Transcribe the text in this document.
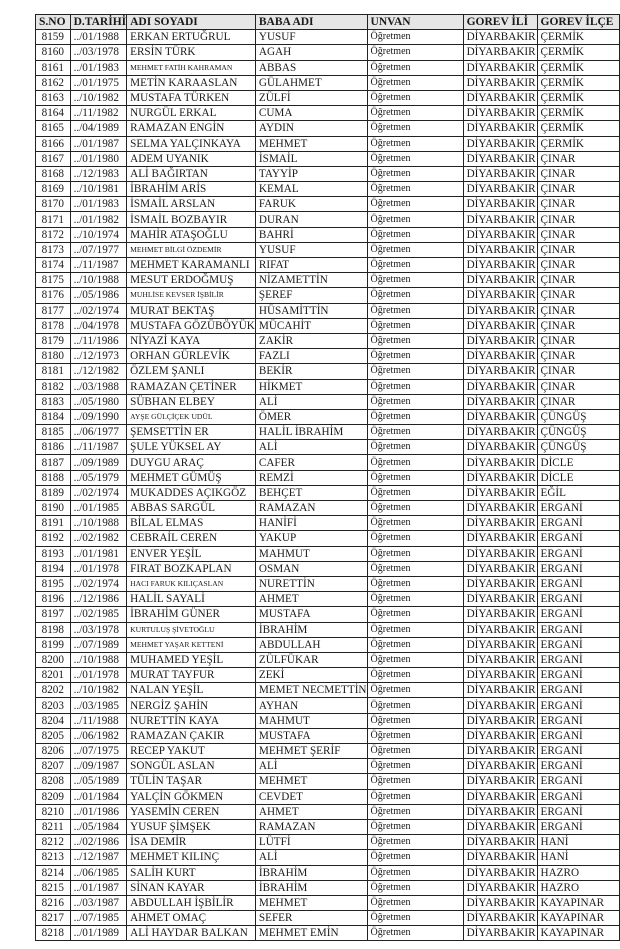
S.NO	D.TARİHİ	ADI SOYADI	BABA ADI	UNVAN	GOREV İLİ	GOREV İLÇE
8159	../01/1988	ERKAN ERTUĞRUL	YUSUF	Öğretmen	DİYARBAKIR	ÇERMİK
8160	../03/1978	ERSİN TÜRK	AGAH	Öğretmen	DİYARBAKIR	ÇERMİK
8161	../01/1983	MEHMET FATİH KAHRAMAN	ABBAS	Öğretmen	DİYARBAKIR	ÇERMİK
8162	../01/1975	METİN KARAASLAN	GÜLAHMET	Öğretmen	DİYARBAKIR	ÇERMİK
8163	../10/1982	MUSTAFA TÜRKEN	ZÜLFİ	Öğretmen	DİYARBAKIR	ÇERMİK
8164	../11/1982	NURGÜL ERKAL	CUMA	Öğretmen	DİYARBAKIR	ÇERMİK
8165	../04/1989	RAMAZAN ENGİN	AYDIN	Öğretmen	DİYARBAKIR	ÇERMİK
8166	../01/1987	SELMA YALÇINKAYA	MEHMET	Öğretmen	DİYARBAKIR	ÇERMİK
8167	../01/1980	ADEM UYANIK	İSMAİL	Öğretmen	DİYARBAKIR	ÇINAR
8168	../12/1983	ALİ BAĞIRTAN	TAYYİP	Öğretmen	DİYARBAKIR	ÇINAR
8169	../10/1981	İBRAHİM ARİS	KEMAL	Öğretmen	DİYARBAKIR	ÇINAR
8170	../01/1983	İSMAİL ARSLAN	FARUK	Öğretmen	DİYARBAKIR	ÇINAR
8171	../01/1982	İSMAİL BOZBAYIR	DURAN	Öğretmen	DİYARBAKIR	ÇINAR
8172	../10/1974	MAHİR ATAŞOĞLU	BAHRİ	Öğretmen	DİYARBAKIR	ÇINAR
8173	../07/1977	MEHMET BİLGİ ÖZDEMİR	YUSUF	Öğretmen	DİYARBAKIR	ÇINAR
8174	../11/1987	MEHMET KARAMANLI	RIFAT	Öğretmen	DİYARBAKIR	ÇINAR
8175	../10/1988	MESUT ERDOĞMUŞ	NİZAMETTİN	Öğretmen	DİYARBAKIR	ÇINAR
8176	../05/1986	MUHLİSE KEVSER İŞBİLİR	ŞEREF	Öğretmen	DİYARBAKIR	ÇINAR
8177	../02/1974	MURAT BEKTAŞ	HÜSAMİTTİN	Öğretmen	DİYARBAKIR	ÇINAR
8178	../04/1978	MUSTAFA GÖZÜBÖYÜK	MÜCAHİT	Öğretmen	DİYARBAKIR	ÇINAR
8179	../11/1986	NİYAZİ KAYA	ZAKİR	Öğretmen	DİYARBAKIR	ÇINAR
8180	../12/1973	ORHAN GÜRLEVİK	FAZLI	Öğretmen	DİYARBAKIR	ÇINAR
8181	../12/1982	ÖZLEM ŞANLI	BEKİR	Öğretmen	DİYARBAKIR	ÇINAR
8182	../03/1988	RAMAZAN ÇETİNER	HİKMET	Öğretmen	DİYARBAKIR	ÇINAR
8183	../05/1980	SÜBHAN ELBEY	ALİ	Öğretmen	DİYARBAKIR	ÇINAR
8184	../09/1990	AYŞE GÜLÇİÇEK UDÜL	ÖMER	Öğretmen	DİYARBAKIR	ÇÜNGÜŞ
8185	../06/1977	ŞEMSETTİN ER	HALİL İBRAHİM	Öğretmen	DİYARBAKIR	ÇÜNGÜŞ
8186	../11/1987	ŞULE YÜKSEL AY	ALİ	Öğretmen	DİYARBAKIR	ÇÜNGÜŞ
8187	../09/1989	DUYGU ARAÇ	CAFER	Öğretmen	DİYARBAKIR	DİCLE
8188	../05/1979	MEHMET GÜMÜŞ	REMZİ	Öğretmen	DİYARBAKIR	DİCLE
8189	../02/1974	MUKADDES AÇIKGÖZ	BEHÇET	Öğretmen	DİYARBAKIR	EĞİL
8190	../01/1985	ABBAS SARGÜL	RAMAZAN	Öğretmen	DİYARBAKIR	ERGANİ
8191	../10/1988	BİLAL ELMAS	HANİFİ	Öğretmen	DİYARBAKIR	ERGANİ
8192	../02/1982	CEBRAİL CEREN	YAKUP	Öğretmen	DİYARBAKIR	ERGANİ
8193	../01/1981	ENVER YEŞİL	MAHMUT	Öğretmen	DİYARBAKIR	ERGANİ
8194	../01/1978	FIRAT BOZKAPLAN	OSMAN	Öğretmen	DİYARBAKIR	ERGANİ
8195	../02/1974	HACI FARUK KILIÇASLAN	NURETTİN	Öğretmen	DİYARBAKIR	ERGANİ
8196	../12/1986	HALİL SAYALİ	AHMET	Öğretmen	DİYARBAKIR	ERGANİ
8197	../02/1985	İBRAHİM GÜNER	MUSTAFA	Öğretmen	DİYARBAKIR	ERGANİ
8198	../03/1978	KURTULUŞ ŞİVETOĞLU	İBRAHİM	Öğretmen	DİYARBAKIR	ERGANİ
8199	../07/1989	MEHMET YAŞAR KETTENİ	ABDULLAH	Öğretmen	DİYARBAKIR	ERGANİ
8200	../10/1988	MUHAMED YEŞİL	ZÜLFÜKAR	Öğretmen	DİYARBAKIR	ERGANİ
8201	../01/1978	MURAT TAYFUR	ZEKİ	Öğretmen	DİYARBAKIR	ERGANİ
8202	../10/1982	NALAN YEŞİL	MEMET NECMETTİN	Öğretmen	DİYARBAKIR	ERGANİ
8203	../03/1985	NERGİZ ŞAHİN	AYHAN	Öğretmen	DİYARBAKIR	ERGANİ
8204	../11/1988	NURETTİN KAYA	MAHMUT	Öğretmen	DİYARBAKIR	ERGANİ
8205	../06/1982	RAMAZAN ÇAKIR	MUSTAFA	Öğretmen	DİYARBAKIR	ERGANİ
8206	../07/1975	RECEP YAKUT	MEHMET ŞERİF	Öğretmen	DİYARBAKIR	ERGANİ
8207	../09/1987	SONGÜL ASLAN	ALİ	Öğretmen	DİYARBAKIR	ERGANİ
8208	../05/1989	TÜLİN TAŞAR	MEHMET	Öğretmen	DİYARBAKIR	ERGANİ
8209	../01/1984	YALÇİN GÖKMEN	CEVDET	Öğretmen	DİYARBAKIR	ERGANİ
8210	../01/1986	YASEMİN CEREN	AHMET	Öğretmen	DİYARBAKIR	ERGANİ
8211	../05/1984	YUSUF ŞİMŞEK	RAMAZAN	Öğretmen	DİYARBAKIR	ERGANİ
8212	../02/1986	İSA DEMİR	LÜTFİ	Öğretmen	DİYARBAKIR	HANİ
8213	../12/1987	MEHMET KILINÇ	ALİ	Öğretmen	DİYARBAKIR	HANİ
8214	../06/1985	SALİH KURT	İBRAHİM	Öğretmen	DİYARBAKIR	HAZRO
8215	../01/1987	SİNAN KAYAR	İBRAHİM	Öğretmen	DİYARBAKIR	HAZRO
8216	../03/1987	ABDULLAH İŞBİLİR	MEHMET	Öğretmen	DİYARBAKIR	KAYAPINAR
8217	../07/1985	AHMET OMAÇ	SEFER	Öğretmen	DİYARBAKIR	KAYAPINAR
8218	../01/1989	ALİ HAYDAR BALKAN	MEHMET EMİN	Öğretmen	DİYARBAKIR	KAYAPINAR
